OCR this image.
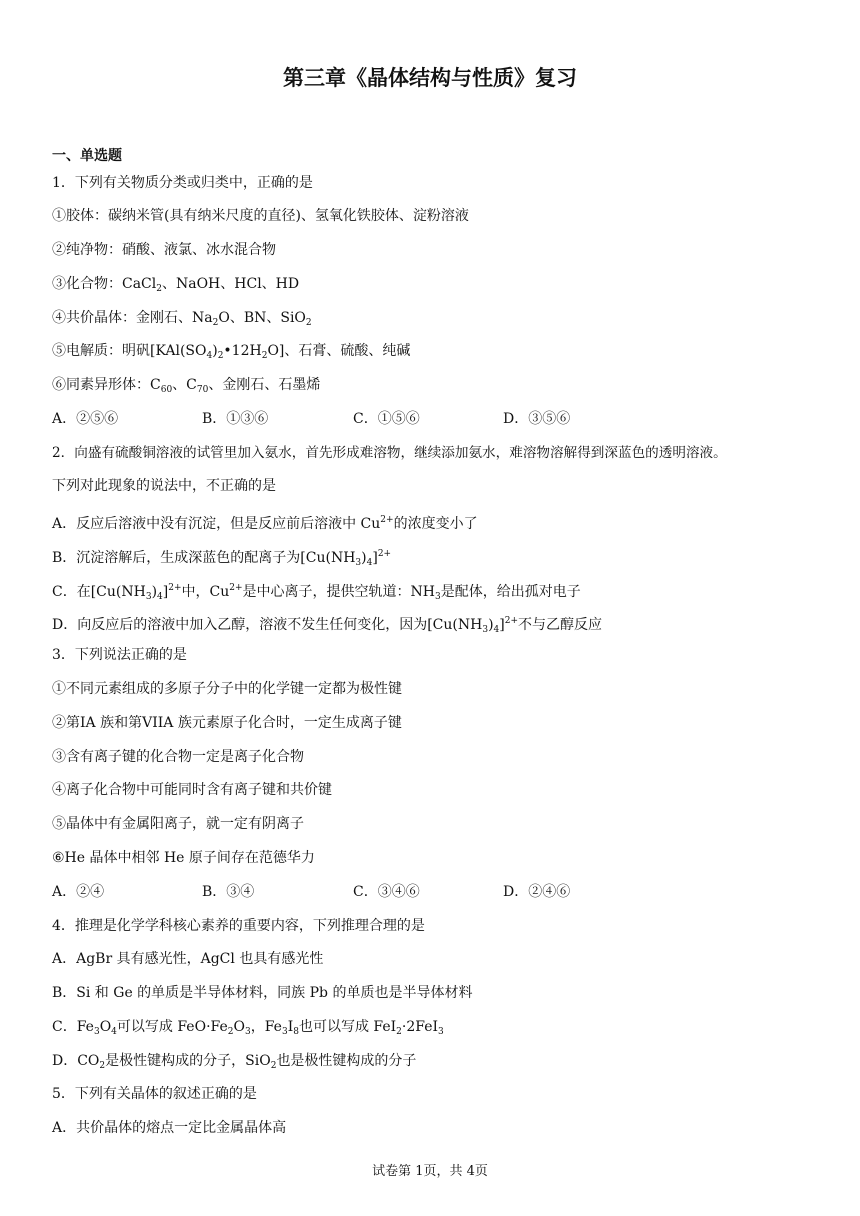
第三章《晶体结构与性质》复习
一、单选题
1．下列有关物质分类或归类中，正确的是
①胶体：碳纳米管(具有纳米尺度的直径)、氢氧化铁胶体、淀粉溶液
②纯净物：硝酸、液氯、冰水混合物
③化合物：CaCl$_2$、NaOH、HCl、HD
④共价晶体：金刚石、$Na_2O$、BN、SiO$_2$
⑤电解质：明矾$[KAl(SO_4)_2•12H_2O]$、石膏、硫酸、纯碱
⑥同素异形体：$C_{60}$、$C_{70}$、金刚石、石墨烯
A．②⑤⑥	B．①③⑥	C．①⑤⑥	D．③⑤⑥
2．向盛有硫酸铜溶液的试管里加入氨水，首先形成难溶物，继续添加氨水，难溶物溶解得到深蓝色的透明溶液。
下列对此现象的说法中，不正确的是
A．反应后溶液中没有沉淀，但是反应前后溶液中 $Cu^{2+}$的浓度变小了
B．沉淀溶解后，生成深蓝色的配离子为$[Cu(NH_3)_4]^{2+}$
C．在$[Cu(NH_3)_4]^{2+}$中，$Cu^{2+}$是中心离子，提供空轨道：$NH_3$是配体，给出孤对电子
D．向反应后的溶液中加入乙醇，溶液不发生任何变化，因为$[Cu(NH_3)_4]^{2+}$不与乙醇反应
3．下列说法正确的是
①不同元素组成的多原子分子中的化学键一定都为极性键
②第IA 族和第VIIA 族元素原子化合时，一定生成离子键
③含有离子键的化合物一定是离子化合物
④离子化合物中可能同时含有离子键和共价键
⑤晶体中有金属阳离子，就一定有阴离子
⑥He 晶体中相邻 He 原子间存在范德华力
A．②④	B．③④	C．③④⑥	D．②④⑥
4．推理是化学学科核心素养的重要内容，下列推理合理的是
A．AgBr 具有感光性，AgCl 也具有感光性
B．Si 和 Ge 的单质是半导体材料，同族 Pb 的单质也是半导体材料
C．$Fe_3O_4$可以写成 $FeO\cdot Fe_2O_3$，$Fe_3I_8$也可以写成 FeI$_2$·2FeI$_3$
D．$CO_2$是极性键构成的分子，SiO$_2$也是极性键构成的分子
5．下列有关晶体的叙述正确的是
A．共价晶体的熔点一定比金属晶体高
试卷第 1页，共 4页
